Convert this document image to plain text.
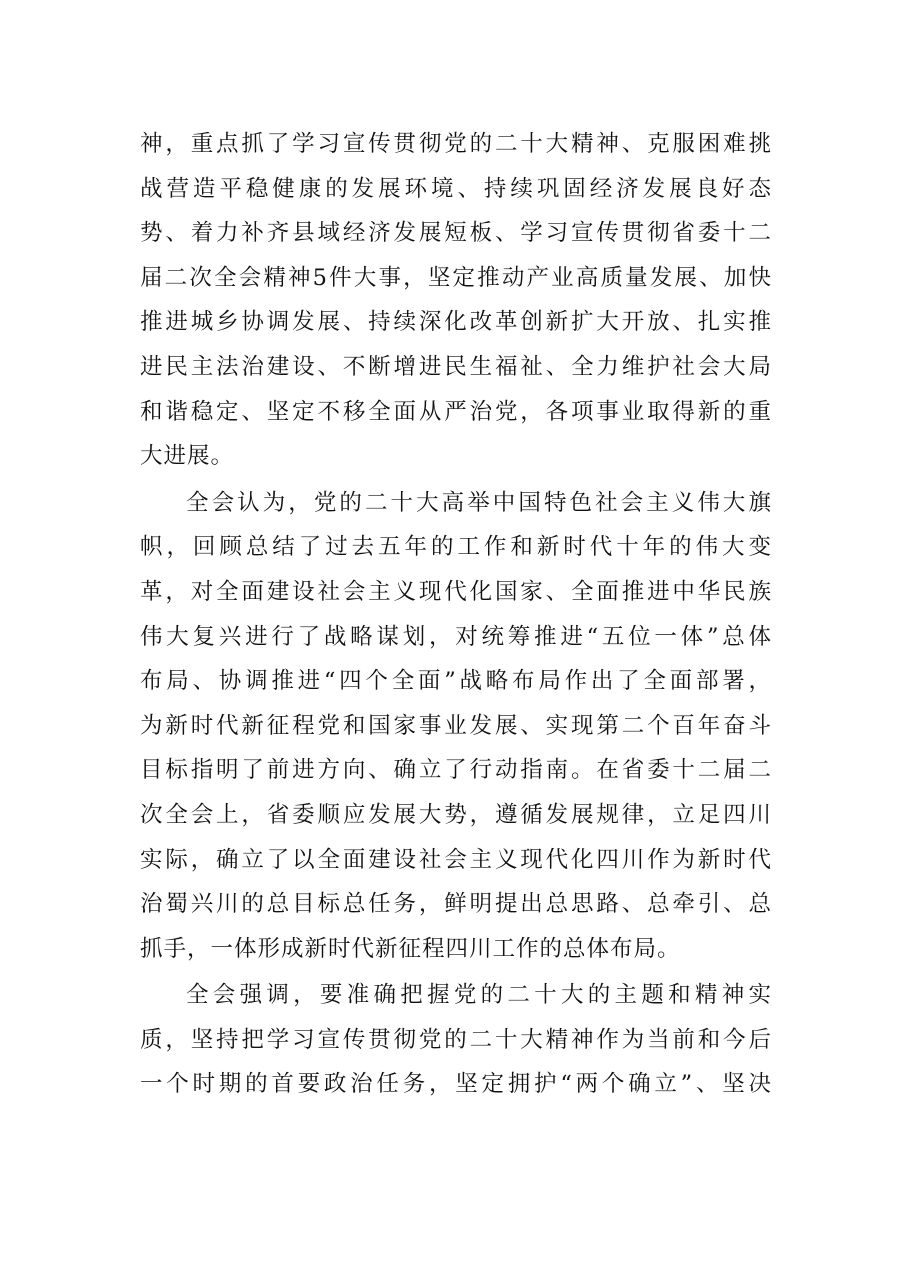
神，重点抓了学习宣传贯彻党的二十大精神、克服困难挑
战营造平稳健康的发展环境、持续巩固经济发展良好态
势、着力补齐县域经济发展短板、学习宣传贯彻省委十二
届二次全会精神5件大事，坚定推动产业高质量发展、加快
推进城乡协调发展、持续深化改革创新扩大开放、扎实推
进民主法治建设、不断增进民生福祉、全力维护社会大局
和谐稳定、坚定不移全面从严治党，各项事业取得新的重
大进展。
全会认为，党的二十大高举中国特色社会主义伟大旗
帜，回顾总结了过去五年的工作和新时代十年的伟大变
革，对全面建设社会主义现代化国家、全面推进中华民族
伟大复兴进行了战略谋划，对统筹推进“五位一体”总体
布局、协调推进“四个全面”战略布局作出了全面部署，
为新时代新征程党和国家事业发展、实现第二个百年奋斗
目标指明了前进方向、确立了行动指南。在省委十二届二
次全会上，省委顺应发展大势，遵循发展规律，立足四川
实际，确立了以全面建设社会主义现代化四川作为新时代
治蜀兴川的总目标总任务，鲜明提出总思路、总牵引、总
抓手，一体形成新时代新征程四川工作的总体布局。
全会强调，要准确把握党的二十大的主题和精神实
质，坚持把学习宣传贯彻党的二十大精神作为当前和今后
一个时期的首要政治任务，坚定拥护“两个确立”、坚决
